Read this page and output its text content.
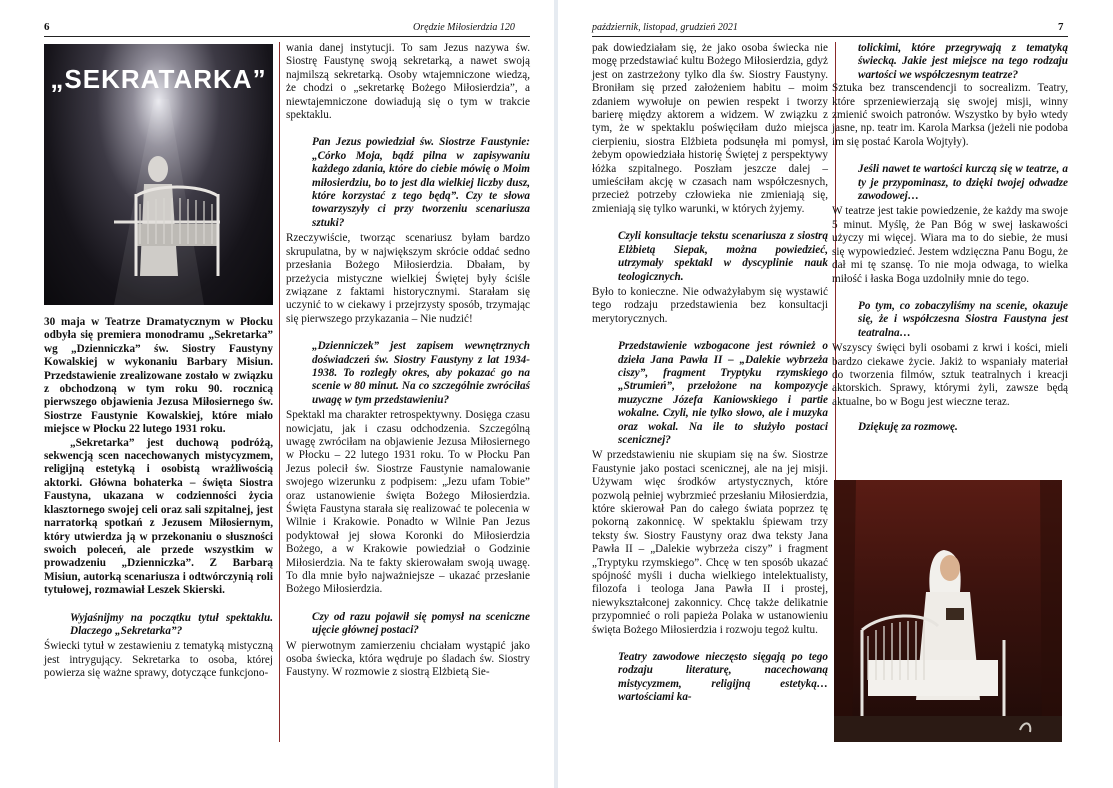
6	Orędzie Miłosierdzia 120
„SEKRATARKA”

30 maja w Teatrze Dramatycznym w Płocku odbyła się premiera monodramu „Sekretarka” wg „Dzienniczka” św. Siostry Faustyny Kowalskiej w wykonaniu Barbary Misiun. Przedstawienie zrealizowane zostało w związku z obchodzoną w tym roku 90. rocznicą pierwszego objawienia Jezusa Miłosiernego św. Siostrze Faustynie Kowalskiej, które miało miejsce w Płocku 22 lutego 1931 roku.

„Sekretarka” jest duchową podróżą, sekwencją scen nacechowanych mistycyzmem, religijną estetyką i osobistą wrażliwością aktorki. Główna bohaterka – święta Siostra Faustyna, ukazana w codzienności życia klasztornego swojej celi oraz sali szpitalnej, jest narratorką spotkań z Jezusem Miłosiernym, który utwierdza ją w przekonaniu o słuszności swoich poleceń, ale przede wszystkim w prowadzeniu „Dzienniczka”. Z Barbarą Misiun, autorką scenariusza i odtwórczynią roli tytułowej, rozmawiał Leszek Skierski.

Wyjaśnijmy na początku tytuł spektaklu. Dlaczego „Sekretarka”?

Świecki tytuł w zestawieniu z tematyką mistyczną jest intrygujący. Sekretarka to osoba, której powierza się ważne sprawy, dotyczące funkcjono-

wania danej instytucji. To sam Jezus nazywa św. Siostrę Faustynę swoją sekretarką, a nawet swoją najmilszą sekretarką. Osoby wtajemniczone wiedzą, że chodzi o „sekretarkę Bożego Miłosierdzia”, a niewtajemniczone dowiadują się o tym w trakcie spektaklu.

Pan Jezus powiedział św. Siostrze Faustynie: „Córko Moja, bądź pilna w zapisywaniu każdego zdania, które do ciebie mówię o Moim miłosierdziu, bo to jest dla wielkiej liczby dusz, które korzystać z tego będą”. Czy te słowa towarzyszyły ci przy tworzeniu scenariusza sztuki?

Rzeczywiście, tworząc scenariusz byłam bardzo skrupulatna, by w największym skrócie oddać sedno przesłania Bożego Miłosierdzia. Dbałam, by przeżycia mistyczne wielkiej Świętej były ściśle związane z faktami historycznymi. Starałam się uczynić to w ciekawy i przejrzysty sposób, trzymając się pierwszego przykazania – Nie nudzić!

„Dzienniczek” jest zapisem wewnętrznych doświadczeń św. Siostry Faustyny z lat 1934-1938. To rozległy okres, aby pokazać go na scenie w 80 minut. Na co szczególnie zwróciłaś uwagę w tym przedstawieniu?

Spektakl ma charakter retrospektywny. Dosięga czasu nowicjatu, jak i czasu odchodzenia. Szczególną uwagę zwróciłam na objawienie Jezusa Miłosiernego w Płocku – 22 lutego 1931 roku. To w Płocku Pan Jezus polecił św. Siostrze Faustynie namalowanie swojego wizerunku z podpisem: „Jezu ufam Tobie” oraz ustanowienie święta Bożego Miłosierdzia. Święta Faustyna starała się realizować te polecenia w Wilnie i Krakowie. Ponadto w Wilnie Pan Jezus podyktował jej słowa Koronki do Miłosierdzia Bożego, a w Krakowie powiedział o Godzinie Miłosierdzia. Na te fakty skierowałam swoją uwagę. To dla mnie było najważniejsze – ukazać przesłanie Bożego Miłosierdzia.

Czy od razu pojawił się pomysł na sceniczne ujęcie głównej postaci?

W pierwotnym zamierzeniu chciałam wystąpić jako osoba świecka, która wędruje po śladach św. Siostry Faustyny. W rozmowie z siostrą Elżbietą Sie-

październik, listopad, grudzień 2021	7

pak dowiedziałam się, że jako osoba świecka nie mogę przedstawiać kultu Bożego Miłosierdzia, gdyż jest on zastrzeżony tylko dla św. Siostry Faustyny. Broniłam się przed założeniem habitu – moim zdaniem wywołuje on pewien respekt i tworzy barierę między aktorem a widzem. W związku z tym, że w spektaklu poświęciłam dużo miejsca cierpieniu, siostra Elżbieta podsunęła mi pomysł, żebym opowiedziała historię Świętej z perspektywy łóżka szpitalnego. Poszłam jeszcze dalej – umieściłam akcję w czasach nam współczesnych, przecież potrzeby człowieka nie zmieniają się, zmieniają się tylko warunki, w których żyjemy.

Czyli konsultacje tekstu scenariusza z siostrą Elżbietą Siepak, można powiedzieć, utrzymały spektakl w dyscyplinie nauk teologicznych.

Było to konieczne. Nie odważyłabym się wystawić tego rodzaju przedstawienia bez konsultacji merytorycznych.

Przedstawienie wzbogacone jest również o dzieła Jana Pawła II – „Dalekie wybrzeża ciszy”, fragment Tryptyku rzymskiego „Strumień”, przełożone na kompozycje muzyczne Józefa Kaniowskiego i partie wokalne. Czyli, nie tylko słowo, ale i muzyka oraz wokal. Na ile to służyło postaci scenicznej?

W przedstawieniu nie skupiam się na św. Siostrze Faustynie jako postaci scenicznej, ale na jej misji. Używam więc środków artystycznych, które pozwolą pełniej wybrzmieć przesłaniu Miłosierdzia, które skierował Pan do całego świata poprzez tę pokorną zakonnicę. W spektaklu śpiewam trzy teksty św. Siostry Faustyny oraz dwa teksty Jana Pawła II – „Dalekie wybrzeża ciszy” i fragment „Tryptyku rzymskiego”. Chcę w ten sposób ukazać spójność myśli i ducha wielkiego intelektualisty, filozofa i teologa Jana Pawła II i prostej, niewykształconej zakonnicy. Chcę także delikatnie przypomnieć o roli papieża Polaka w ustanowieniu święta Bożego Miłosierdzia i rozwoju tegoż kultu.

Teatry zawodowe nieczęsto sięgają po tego rodzaju literaturę, nacechowaną mistycyzmem, religijną estetyką… wartościami ka-

tolickimi, które przegrywają z tematyką świecką. Jakie jest miejsce na tego rodzaju wartości we współczesnym teatrze?

Sztuka bez transcendencji to socrealizm. Teatry, które sprzeniewierzają się swojej misji, winny zmienić swoich patronów. Wszystko by było wtedy jasne, np. teatr im. Karola Marksa (jeżeli nie podoba im się postać Karola Wojtyły).

Jeśli nawet te wartości kurczą się w teatrze, a ty je przypominasz, to dzięki twojej odwadze zawodowej…

W teatrze jest takie powiedzenie, że każdy ma swoje 5 minut. Myślę, że Pan Bóg w swej łaskawości użyczy mi więcej. Wiara ma to do siebie, że musi się wypowiedzieć. Jestem wdzięczna Panu Bogu, że dał mi tę szansę. To nie moja odwaga, to wielka miłość i łaska Boga uzdolniły mnie do tego.

Po tym, co zobaczyliśmy na scenie, okazuje się, że i współczesna Siostra Faustyna jest teatralna…

Wszyscy święci byli osobami z krwi i kości, mieli bardzo ciekawe życie. Jakiż to wspaniały materiał do tworzenia filmów, sztuk teatralnych i kreacji aktorskich. Sprawy, którymi żyli, zawsze będą aktualne, bo w Bogu jest wieczne teraz.

Dziękuję za rozmowę.
